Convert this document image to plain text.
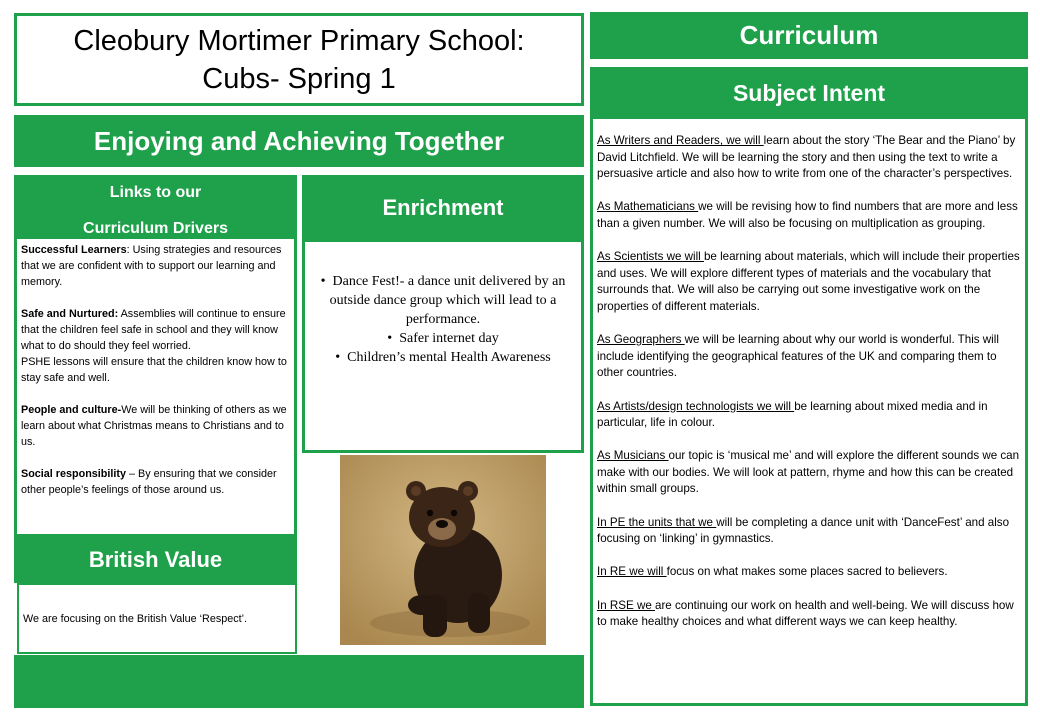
Cleobury Mortimer Primary School:
Cubs- Spring 1
Curriculum
Enjoying and Achieving Together
Links to our
Curriculum Drivers

Successful Learners: Using strategies and resources that we are confident with to support our learning and memory.

Safe and Nurtured: Assemblies will continue to ensure that the children feel safe in school and they will know what to do should they feel worried.

PSHE lessons will ensure that the children know how to stay safe and well.

People and culture-We will be thinking of others as we learn about what Christmas means to Christians and to us.

Social responsibility – By ensuring that we consider other people’s feelings of those around us.

British Value
We are focusing on the British Value ‘Respect’.
Enrichment
•  Dance Fest!- a dance unit delivered by an outside dance group which will lead to a performance.
•  Safer internet day
•  Children’s mental Health Awareness
Subject Intent

As Writers and Readers, we will learn about the story ‘The Bear and the Piano’ by David Litchfield. We will be learning the story and then using the text to write a persuasive article and also how to write from one of the character’s perspectives.

As Mathematicians we will be revising how to find numbers that are more and less than a given number. We will also be focusing on multiplication as grouping.

As Scientists we will be learning about materials, which will include their properties and uses. We will explore different types of materials and the vocabulary that surrounds that. We will also be carrying out some investigative work on the properties of different materials.

As Geographers we will be learning about why our world is wonderful. This will include identifying the geographical features of the UK and comparing them to other countries.

As Artists/design technologists we will be learning about mixed media and in particular, life in colour.

As Musicians our topic is ‘musical me’ and will explore the different sounds we can make with our bodies. We will look at pattern, rhyme and how this can be created within small groups.

In PE the units that we will be completing a dance unit with ‘DanceFest’ and also focusing on ‘linking’ in gymnastics.

In RE we will focus on what makes some places sacred to believers.

In RSE we are continuing our work on health and well-being. We will discuss how to make healthy choices and what different ways we can keep healthy.
